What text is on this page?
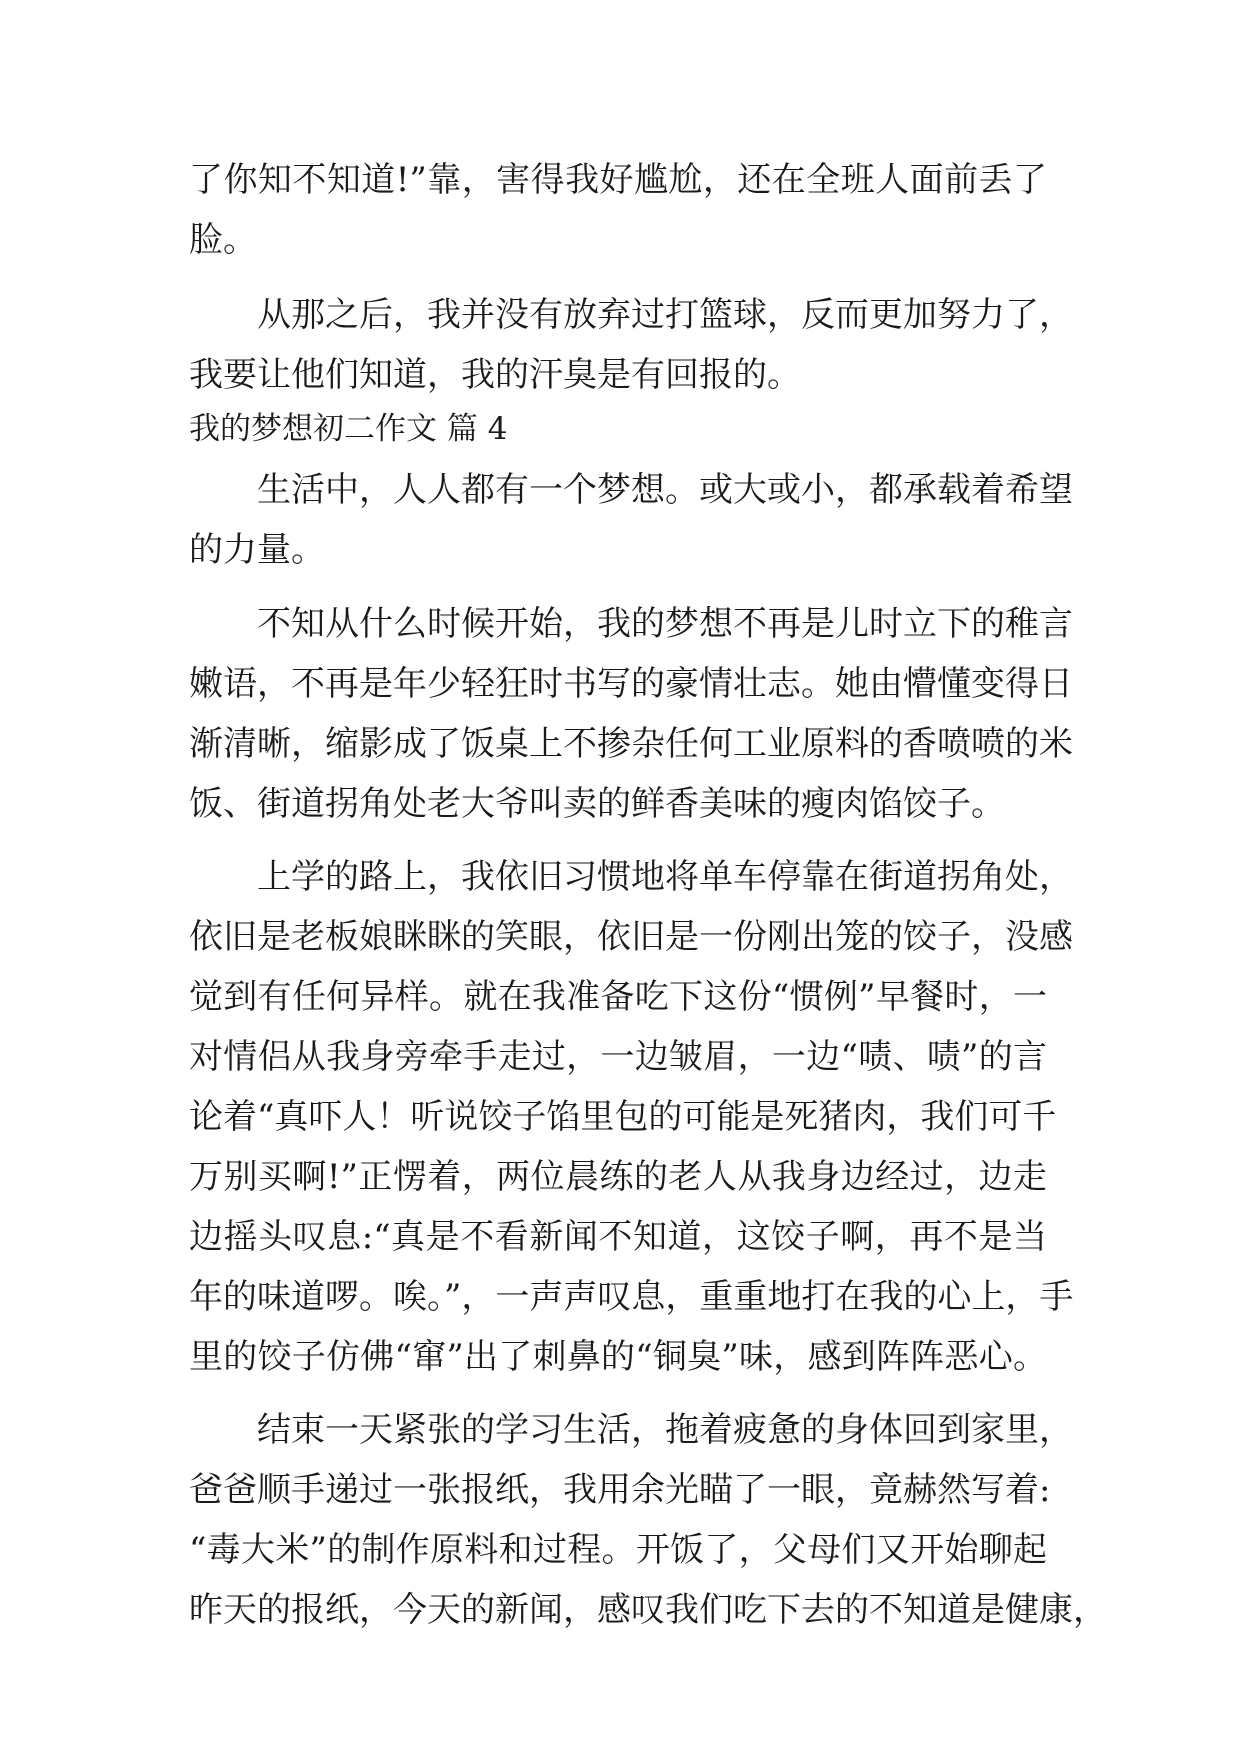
了你知不知道!”靠，害得我好尴尬，还在全班人面前丢了
脸。
从那之后，我并没有放弃过打篮球，反而更加努力了，
我要让他们知道，我的汗臭是有回报的。
我的梦想初二作文 篇 4
生活中，人人都有一个梦想。或大或小，都承载着希望
的力量。
不知从什么时候开始，我的梦想不再是儿时立下的稚言
嫩语，不再是年少轻狂时书写的豪情壮志。她由懵懂变得日
渐清晰，缩影成了饭桌上不掺杂任何工业原料的香喷喷的米
饭、街道拐角处老大爷叫卖的鲜香美味的瘦肉馅饺子。
上学的路上，我依旧习惯地将单车停靠在街道拐角处，
依旧是老板娘眯眯的笑眼，依旧是一份刚出笼的饺子，没感
觉到有任何异样。就在我准备吃下这份“惯例”早餐时，一
对情侣从我身旁牵手走过，一边皱眉，一边“啧、啧”的言
论着“真吓人！听说饺子馅里包的可能是死猪肉，我们可千
万别买啊!”正愣着，两位晨练的老人从我身边经过，边走
边摇头叹息:“真是不看新闻不知道，这饺子啊，再不是当
年的味道啰。唉。”，一声声叹息，重重地打在我的心上，手
里的饺子仿佛“窜”出了刺鼻的“铜臭”味，感到阵阵恶心。
结束一天紧张的学习生活，拖着疲惫的身体回到家里，
爸爸顺手递过一张报纸，我用余光瞄了一眼，竟赫然写着:
“毒大米”的制作原料和过程。开饭了，父母们又开始聊起
昨天的报纸，今天的新闻，感叹我们吃下去的不知道是健康，
